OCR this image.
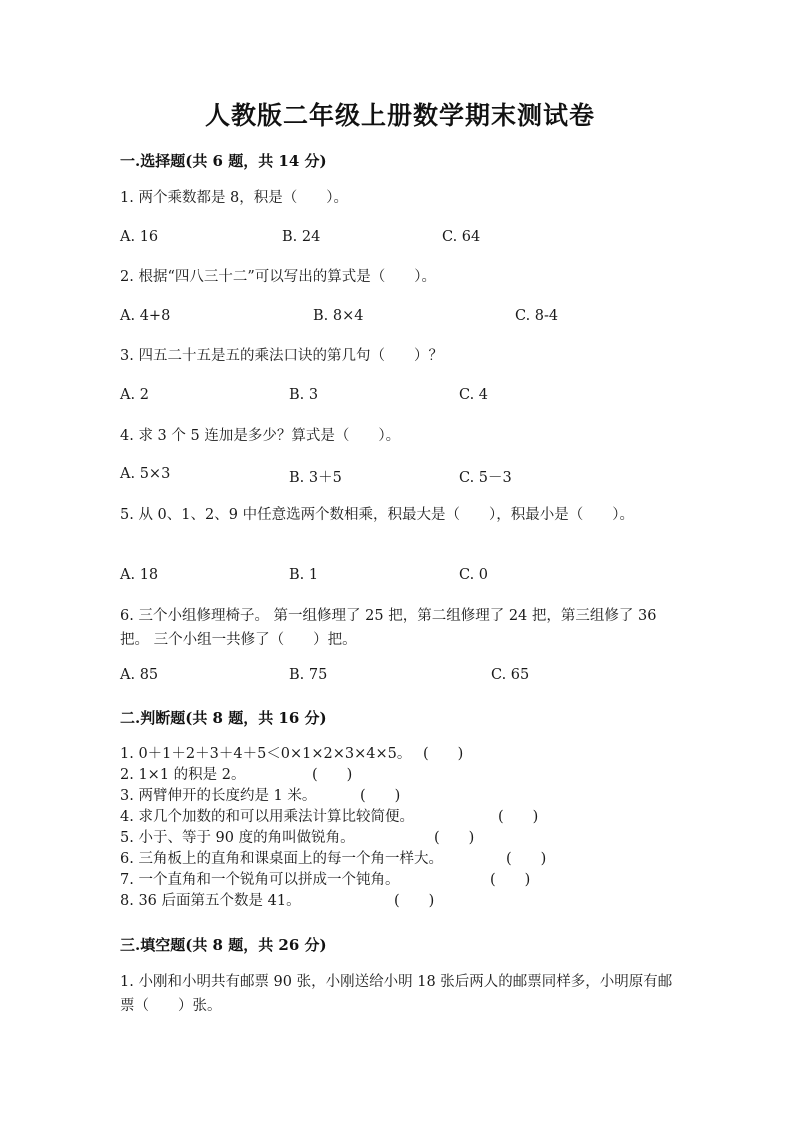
人教版二年级上册数学期末测试卷
一.选择题(共 6 题，共 14 分)
1. 两个乘数都是 8，积是（　　）。
A. 16	B. 24	C. 64
2. 根据“四八三十二”可以写出的算式是（　　）。
A. 4+8	B. 8×4	C. 8-4
3. 四五二十五是五的乘法口诀的第几句（　　）？
A. 2	B. 3	C. 4
4. 求 3 个 5 连加是多少？算式是（　　）。
A. 5×3	B. 3＋5	C. 5－3
5. 从 0、1、2、9 中任意选两个数相乘，积最大是（　　），积最小是（　　）。
A. 18	B. 1	C. 0
6. 三个小组修理椅子。 第一组修理了 25 把，第二组修理了 24 把，第三组修了 36 把。 三个小组一共修了（　　）把。
A. 85	B. 75	C. 65
二.判断题(共 8 题，共 16 分)
1. 0＋1＋2＋3＋4＋5＜0×1×2×3×4×5。 (　　)
2. 1×1 的积是 2。	(　　)
3. 两臂伸开的长度约是 1 米。	(　　)
4. 求几个加数的和可以用乘法计算比较简便。	(　　)
5. 小于、等于 90 度的角叫做锐角。	(　　)
6. 三角板上的直角和课桌面上的每一个角一样大。	(　　)
7. 一个直角和一个锐角可以拼成一个钝角。	(　　)
8. 36 后面第五个数是 41。	(　　)
三.填空题(共 8 题，共 26 分)
1. 小刚和小明共有邮票 90 张，小刚送给小明 18 张后两人的邮票同样多，小明原有邮票（　　）张。
